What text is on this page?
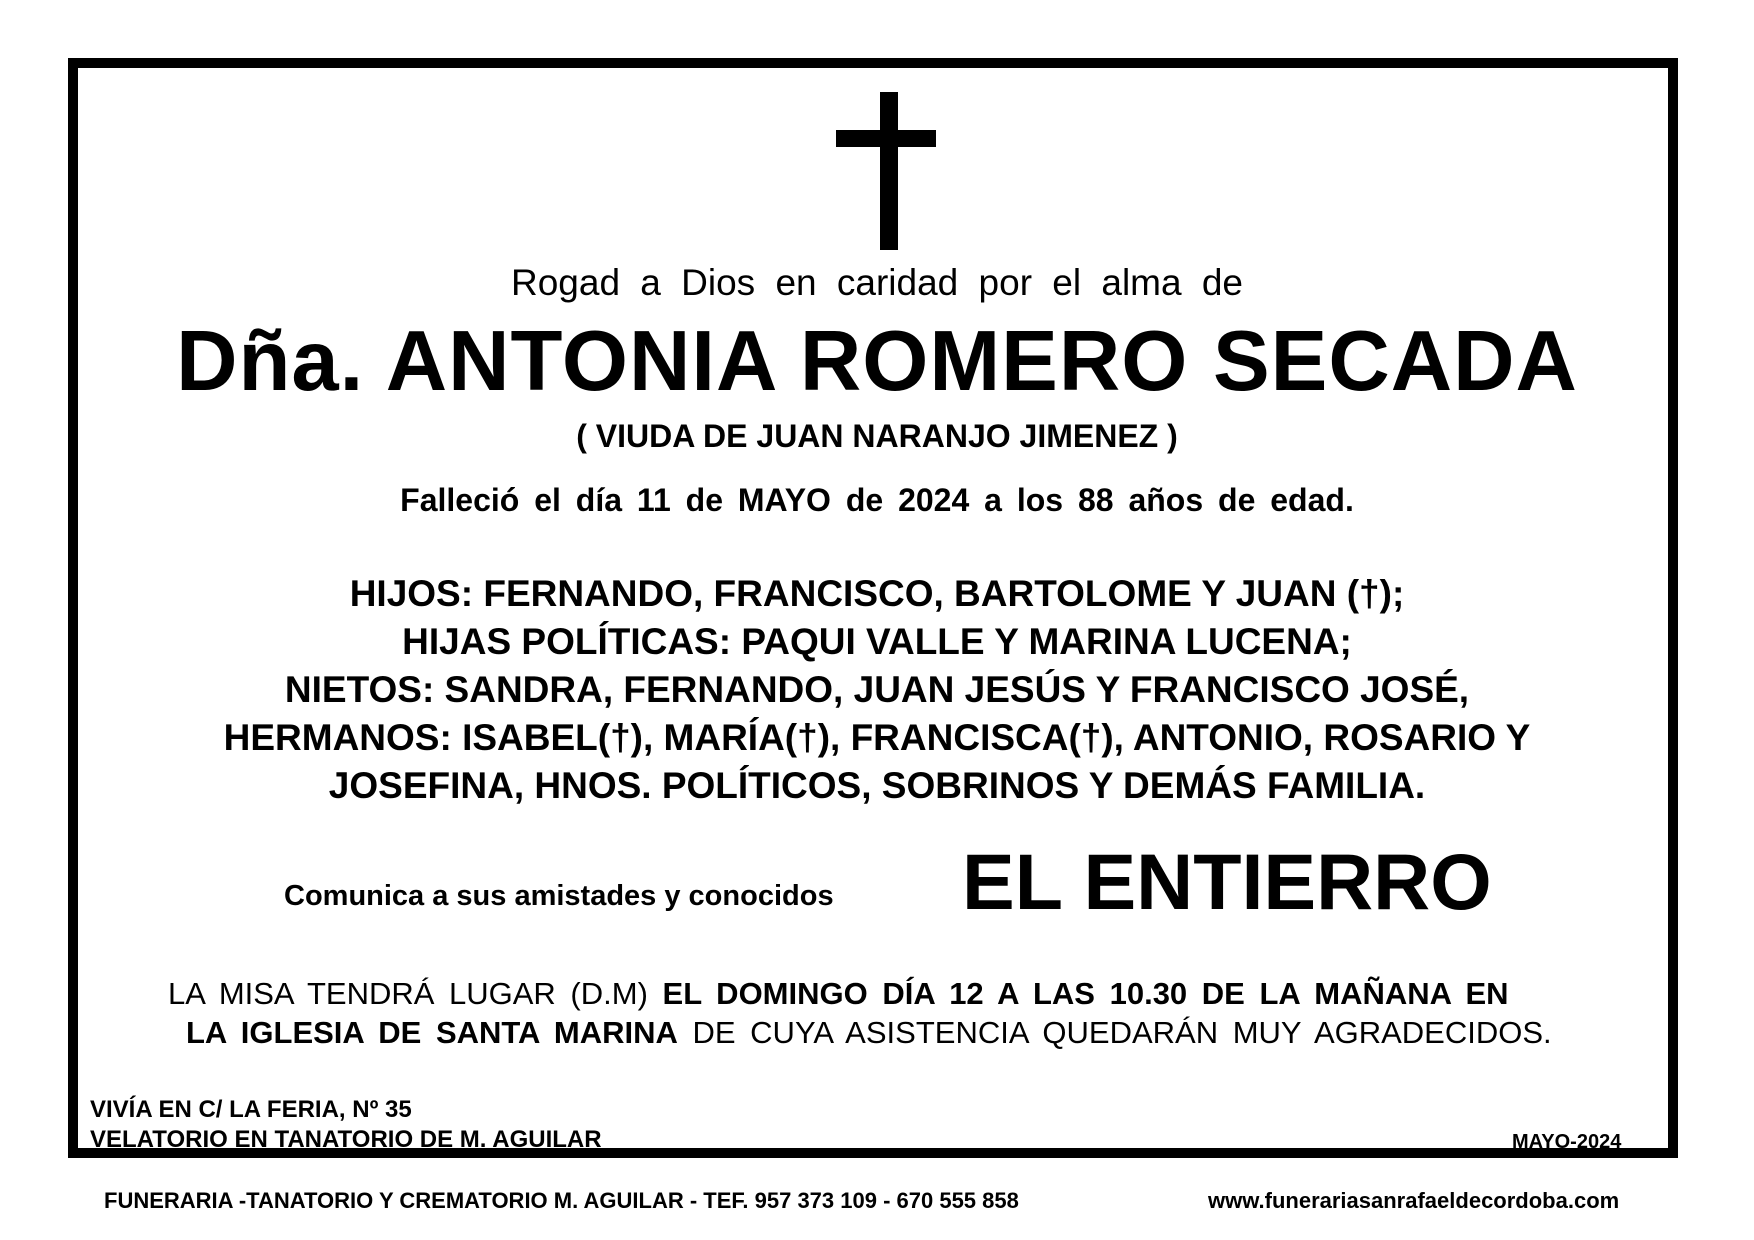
Rogad a Dios en caridad por el alma de
Dña. ANTONIA ROMERO SECADA
( VIUDA DE JUAN NARANJO JIMENEZ )
Falleció el día 11 de MAYO de 2024 a los 88 años de edad.
HIJOS: FERNANDO, FRANCISCO, BARTOLOME Y JUAN (†);
HIJAS POLÍTICAS: PAQUI VALLE Y MARINA LUCENA;
NIETOS: SANDRA, FERNANDO, JUAN JESÚS Y FRANCISCO JOSÉ,
HERMANOS: ISABEL(†), MARÍA(†), FRANCISCA(†), ANTONIO, ROSARIO Y
JOSEFINA, HNOS. POLÍTICOS, SOBRINOS Y DEMÁS FAMILIA.
Comunica a sus amistades y conocidos EL ENTIERRO
LA MISA TENDRÁ LUGAR (D.M) EL DOMINGO DÍA 12 A LAS 10.30 DE LA MAÑANA EN
LA IGLESIA DE SANTA MARINA DE CUYA ASISTENCIA QUEDARÁN MUY AGRADECIDOS.
VIVÍA EN C/ LA FERIA, Nº 35
VELATORIO EN TANATORIO DE M. AGUILAR	MAYO-2024
FUNERARIA -TANATORIO Y CREMATORIO M. AGUILAR - TEF. 957 373 109 - 670 555 858	www.funerariasanrafaeldecordoba.com
